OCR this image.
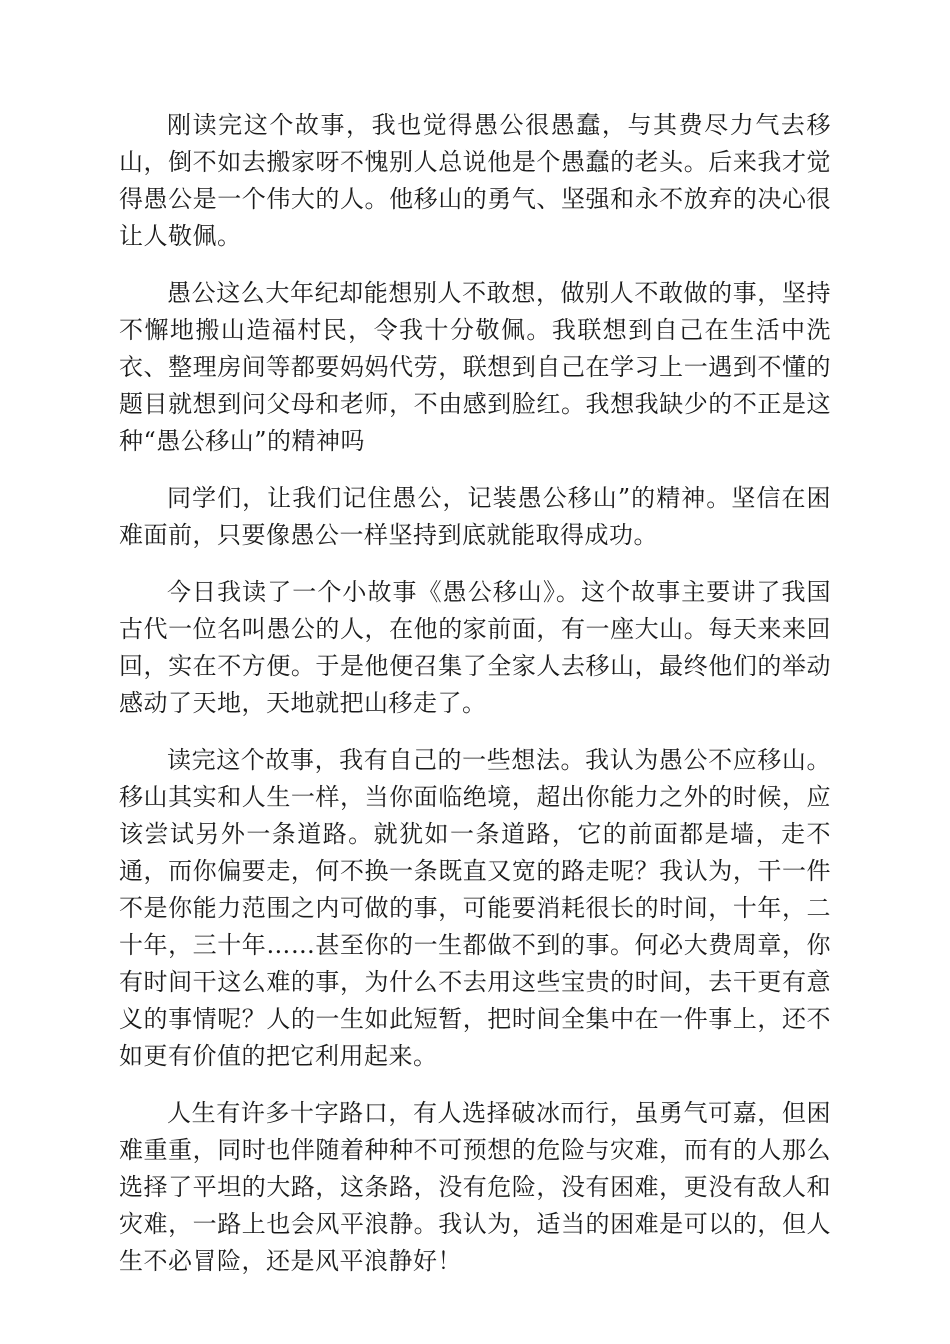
刚读完这个故事，我也觉得愚公很愚蠢，与其费尽力气去移山，倒不如去搬家呀不愧别人总说他是个愚蠢的老头。后来我才觉得愚公是一个伟大的人。他移山的勇气、坚强和永不放弃的决心很让人敬佩。

愚公这么大年纪却能想别人不敢想，做别人不敢做的事，坚持不懈地搬山造福村民，令我十分敬佩。我联想到自己在生活中洗衣、整理房间等都要妈妈代劳，联想到自己在学习上一遇到不懂的题目就想到问父母和老师，不由感到脸红。我想我缺少的不正是这种“愚公移山”的精神吗

同学们，让我们记住愚公，记装愚公移山”的精神。坚信在困难面前，只要像愚公一样坚持到底就能取得成功。

今日我读了一个小故事《愚公移山》。这个故事主要讲了我国古代一位名叫愚公的人，在他的家前面，有一座大山。每天来来回回，实在不方便。于是他便召集了全家人去移山，最终他们的举动感动了天地，天地就把山移走了。

读完这个故事，我有自己的一些想法。我认为愚公不应移山。移山其实和人生一样，当你面临绝境，超出你能力之外的时候，应该尝试另外一条道路。就犹如一条道路，它的前面都是墙，走不通，而你偏要走，何不换一条既直又宽的路走呢？我认为，干一件不是你能力范围之内可做的事，可能要消耗很长的时间，十年，二十年，三十年……甚至你的一生都做不到的事。何必大费周章，你有时间干这么难的事，为什么不去用这些宝贵的时间，去干更有意义的事情呢？人的一生如此短暂，把时间全集中在一件事上，还不如更有价值的把它利用起来。

人生有许多十字路口，有人选择破冰而行，虽勇气可嘉，但困难重重，同时也伴随着种种不可预想的危险与灾难，而有的人那么选择了平坦的大路，这条路，没有危险，没有困难，更没有敌人和灾难，一路上也会风平浪静。我认为，适当的困难是可以的，但人生不必冒险，还是风平浪静好！
